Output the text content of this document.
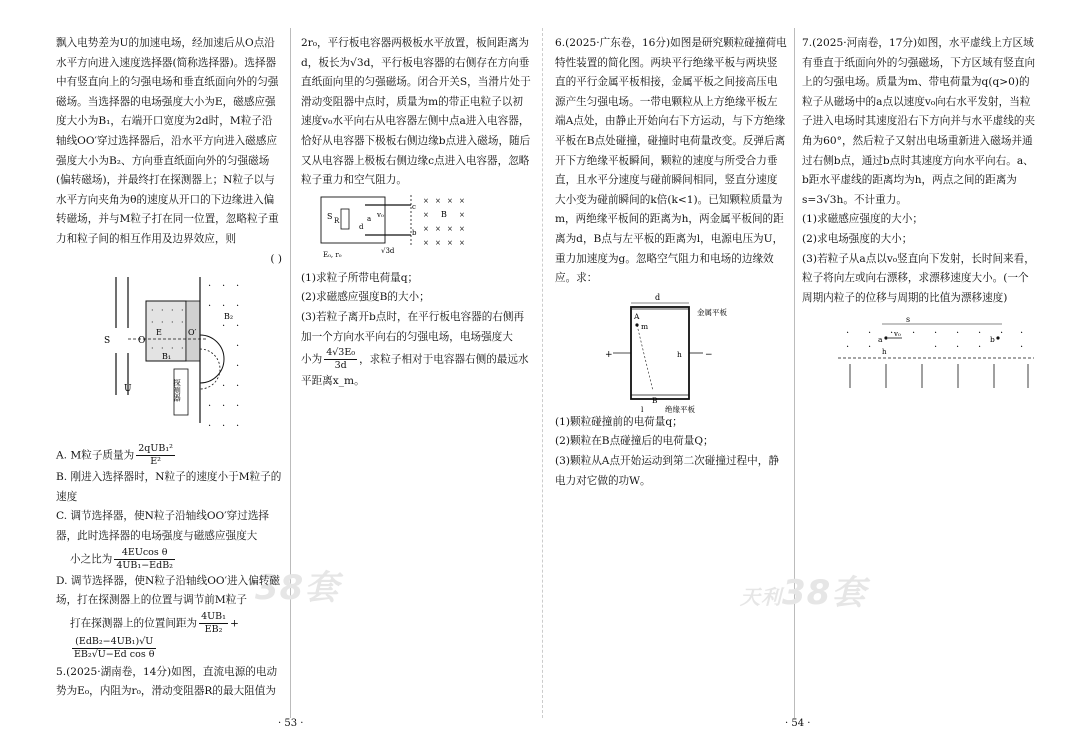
38套	天利38套

飘入电势差为U的加速电场，经加速后从O点沿水平方向进入速度选择器(简称选择器)。选择器中有竖直向上的匀强电场和垂直纸面向外的匀强磁场。当选择器的电场强度大小为E，磁感应强度大小为B₁，右端开口宽度为2d时，M粒子沿轴线OO′穿过选择器后，沿水平方向进入磁感应强度大小为B₂、方向垂直纸面向外的匀强磁场(偏转磁场)，并最终打在探测器上；N粒子以与水平方向夹角为θ的速度从开口的下边缘进入偏转磁场，并与M粒子打在同一位置，忽略粒子重力和粒子间的相互作用及边界效应，则

( )

S	O
U
· · · ·
· · · ·
· · · ·
E
B₁
O′
· · ·
· · ·
· ·
·
·
· ·
· · ·
· · ·
B₂
探测器
A. M粒子质量为 $\frac{\text{2qUB₁²}}{\text{E²}}$

B. 刚进入选择器时，N粒子的速度小于M粒子的速度

C. 调节选择器，使N粒子沿轴线OO′穿过选择器，此时选择器的电场强度与磁感应强度大

小之比为 $\frac{\text{4EUcos θ}}{\text{4UB₁−EdB₂}}$

D. 调节选择器，使N粒子沿轴线OO′进入偏转磁场，打在探测器上的位置与调节前M粒子

打在探测器上的位置间距为 $\frac{\text{4UB₁}}{\text{EB₂}}$ +
$\frac{\text{(EdB₂−4UB₁)√U}}{\text{EB₂√U−Ed cos θ}}$

5.(2025·湖南卷，14分)如图，直流电源的电动势为E₀，内阻为r₀，滑动变阻器R的最大阻值为

2r₀，平行板电容器两极板水平放置，板间距离为d，板长为√3d，平行板电容器的右侧存在方向垂直纸面向里的匀强磁场。闭合开关S，当滑片处于滑动变阻器中点时，质量为m的带正电粒子以初速度v₀水平向右从电容器左侧中点a进入电容器，恰好从电容器下极板右侧边缘b点进入磁场，随后又从电容器上极板右侧边缘c点进入电容器，忽略粒子重力和空气阻力。

S R	a v₀
d
c
b
× × × ×
×	×
× × × ×
× × × ×
B
√3d
E₀, r₀

(1)求粒子所带电荷量q；

(2)求磁感应强度B的大小；

(3)若粒子离开b点时，在平行板电容器的右侧再加一个方向水平向右的匀强电场，电场强度大

小为 $\frac{\text{4√3E₀}}{3d}$ ，求粒子相对于电容器右侧的最远水平距离x_m。

6.(2025·广东卷，16分)如图是研究颗粒碰撞荷电特性装置的简化图。两块平行绝缘平板与两块竖直的平行金属平板相接，金属平板之间接高压电源产生匀强电场。一带电颗粒从上方绝缘平板左端A点处，由静止开始向右下方运动，与下方绝缘平板在B点处碰撞，碰撞时电荷量改变。反弹后离开下方绝缘平板瞬间，颗粒的速度与所受合力垂直，且水平分速度与碰前瞬间相同，竖直分速度大小变为碰前瞬间的k倍(k<1)。已知颗粒质量为m，两绝缘平板间的距离为h，两金属平板间的距离为d，B点与左平板的距离为l，电源电压为U，重力加速度为g。忽略空气阻力和电场的边缘效应。求：

d
A
m
B
l
h
+	−
金属平板
绝缘平板

(1)颗粒碰撞前的电荷量q；

(2)颗粒在B点碰撞后的电荷量Q；

(3)颗粒从A点开始运动到第二次碰撞过程中，静电力对它做的功W。

7.(2025·河南卷，17分)如图，水平虚线上方区域有垂直于纸面向外的匀强磁场，下方区域有竖直向上的匀强电场。质量为m、带电荷量为q(q>0)的粒子从磁场中的a点以速度v₀向右水平发射，当粒子进入电场时其速度沿右下方向并与水平虚线的夹角为60°，然后粒子又射出电场重新进入磁场并通过右侧b点，通过b点时其速度方向水平向右。a、b距水平虚线的距离均为h，两点之间的距离为s=3√3h。不计重力。

(1)求磁感应强度的大小；

(2)求电场强度的大小；

(3)若粒子从a点以v₀竖直向下发射，长时间来看，粒子将向左或向右漂移，求漂移速度大小。(一个周期内粒子的位移与周期的比值为漂移速度)

s
· · · · · · · · ·
· ·	· · ·	·
a
v₀
h
b
· 53 ·	· 54 ·
